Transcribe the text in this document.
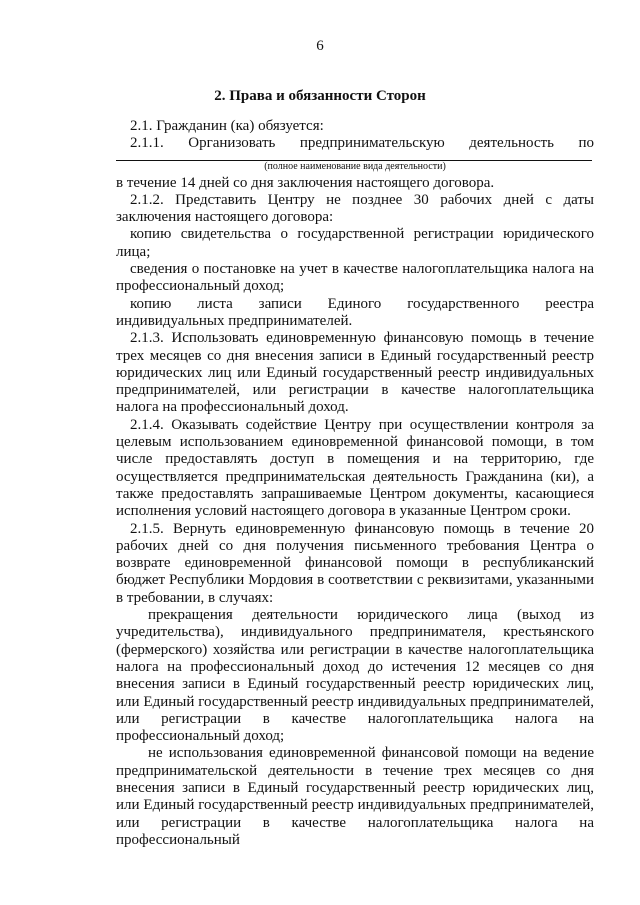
6
2. Права и обязанности Сторон

2.1. Гражданин (ка) обязуется:

2.1.1. Организовать предпринимательскую деятельность по
(полное наименование вида деятельности)

в течение 14 дней со дня заключения настоящего договора.

2.1.2. Представить Центру не позднее 30 рабочих дней с даты заключения настоящего договора:

копию свидетельства о государственной регистрации юридического лица;

сведения о постановке на учет в качестве налогоплательщика налога на профессиональный доход;

копию листа записи Единого государственного реестра индивидуальных предпринимателей.

2.1.3. Использовать единовременную финансовую помощь в течение трех месяцев со дня внесения записи в Единый государственный реестр юридических лиц или Единый государственный реестр индивидуальных предпринимателей, или регистрации в качестве налогоплательщика налога на профессиональный доход.

2.1.4. Оказывать содействие Центру при осуществлении контроля за целевым использованием единовременной финансовой помощи, в том числе предоставлять доступ в помещения и на территорию, где осуществляется предпринимательская деятельность Гражданина (ки), а также предоставлять запрашиваемые Центром документы, касающиеся исполнения условий настоящего договора в указанные Центром сроки.

2.1.5. Вернуть единовременную финансовую помощь в течение 20 рабочих дней со дня получения письменного требования Центра о возврате единовременной финансовой помощи в республиканский бюджет Республики Мордовия в соответствии с реквизитами, указанными в требовании, в случаях:

прекращения деятельности юридического лица (выход из учредительства), индивидуального предпринимателя, крестьянского (фермерского) хозяйства или регистрации в качестве налогоплательщика налога на профессиональный доход до истечения 12 месяцев со дня внесения записи в Единый государственный реестр юридических лиц, или Единый государственный реестр индивидуальных предпринимателей, или регистрации в качестве налогоплательщика налога на профессиональный доход;

не использования единовременной финансовой помощи на ведение предпринимательской деятельности в течение трех месяцев со дня внесения записи в Единый государственный реестр юридических лиц, или Единый государственный реестр индивидуальных предпринимателей, или регистрации в качестве налогоплательщика налога на профессиональный
